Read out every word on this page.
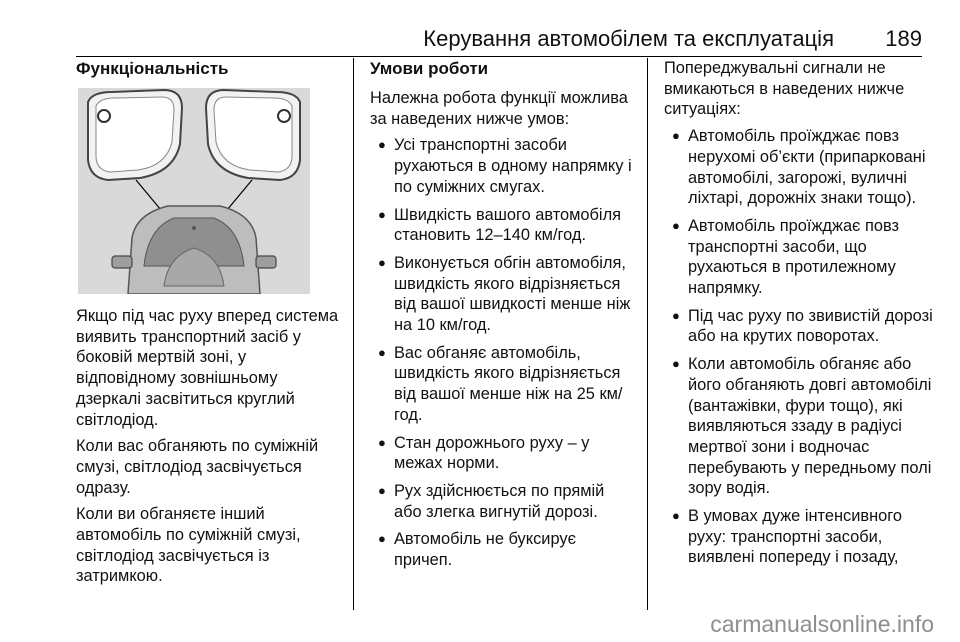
Керування автомобілем та експлуатація 189
Функціональність

Якщо під час руху вперед система виявить транспортний засіб у боковій мертвій зоні, у відповідному зовнішньому дзеркалі засвітиться круглий світлодіод.

Коли вас обганяють по суміжній смузі, світлодіод засвічується одразу.

Коли ви обганяєте інший автомобіль по суміжній смузі, світлодіод засвічується із затримкою.

Умови роботи

Належна робота функції можлива за наведених нижче умов:

● Усі транспортні засоби рухаються в одному напрямку і по суміжних смугах.
● Швидкість вашого автомобіля становить 12–140 км/год.
● Виконується обгін автомобіля, швидкість якого відрізняється від вашої швидкості менше ніж на 10 км/год.
● Вас обганяє автомобіль, швидкість якого відрізняється від вашої менше ніж на 25 км/год.
● Стан дорожнього руху – у межах норми.
● Рух здійснюється по прямій або злегка вигнутій дорозі.
● Автомобіль не буксирує причеп.

Попереджувальні сигнали не вмикаються в наведених нижче ситуаціях:

● Автомобіль проїжджає повз нерухомі об’єкти (припарковані автомобілі, загорожі, вуличні ліхтарі, дорожніх знаки тощо).
● Автомобіль проїжджає повз транспортні засоби, що рухаються в протилежному напрямку.
● Під час руху по звивистій дорозі або на крутих поворотах.
● Коли автомобіль обганяє або його обганяють довгі автомобілі (вантажівки, фури тощо), які виявляються ззаду в радіусі мертвої зони і водночас перебувають у передньому полі зору водія.
● В умовах дуже інтенсивного руху: транспортні засоби, виявлені попереду і позаду,
carmanualsonline.info
